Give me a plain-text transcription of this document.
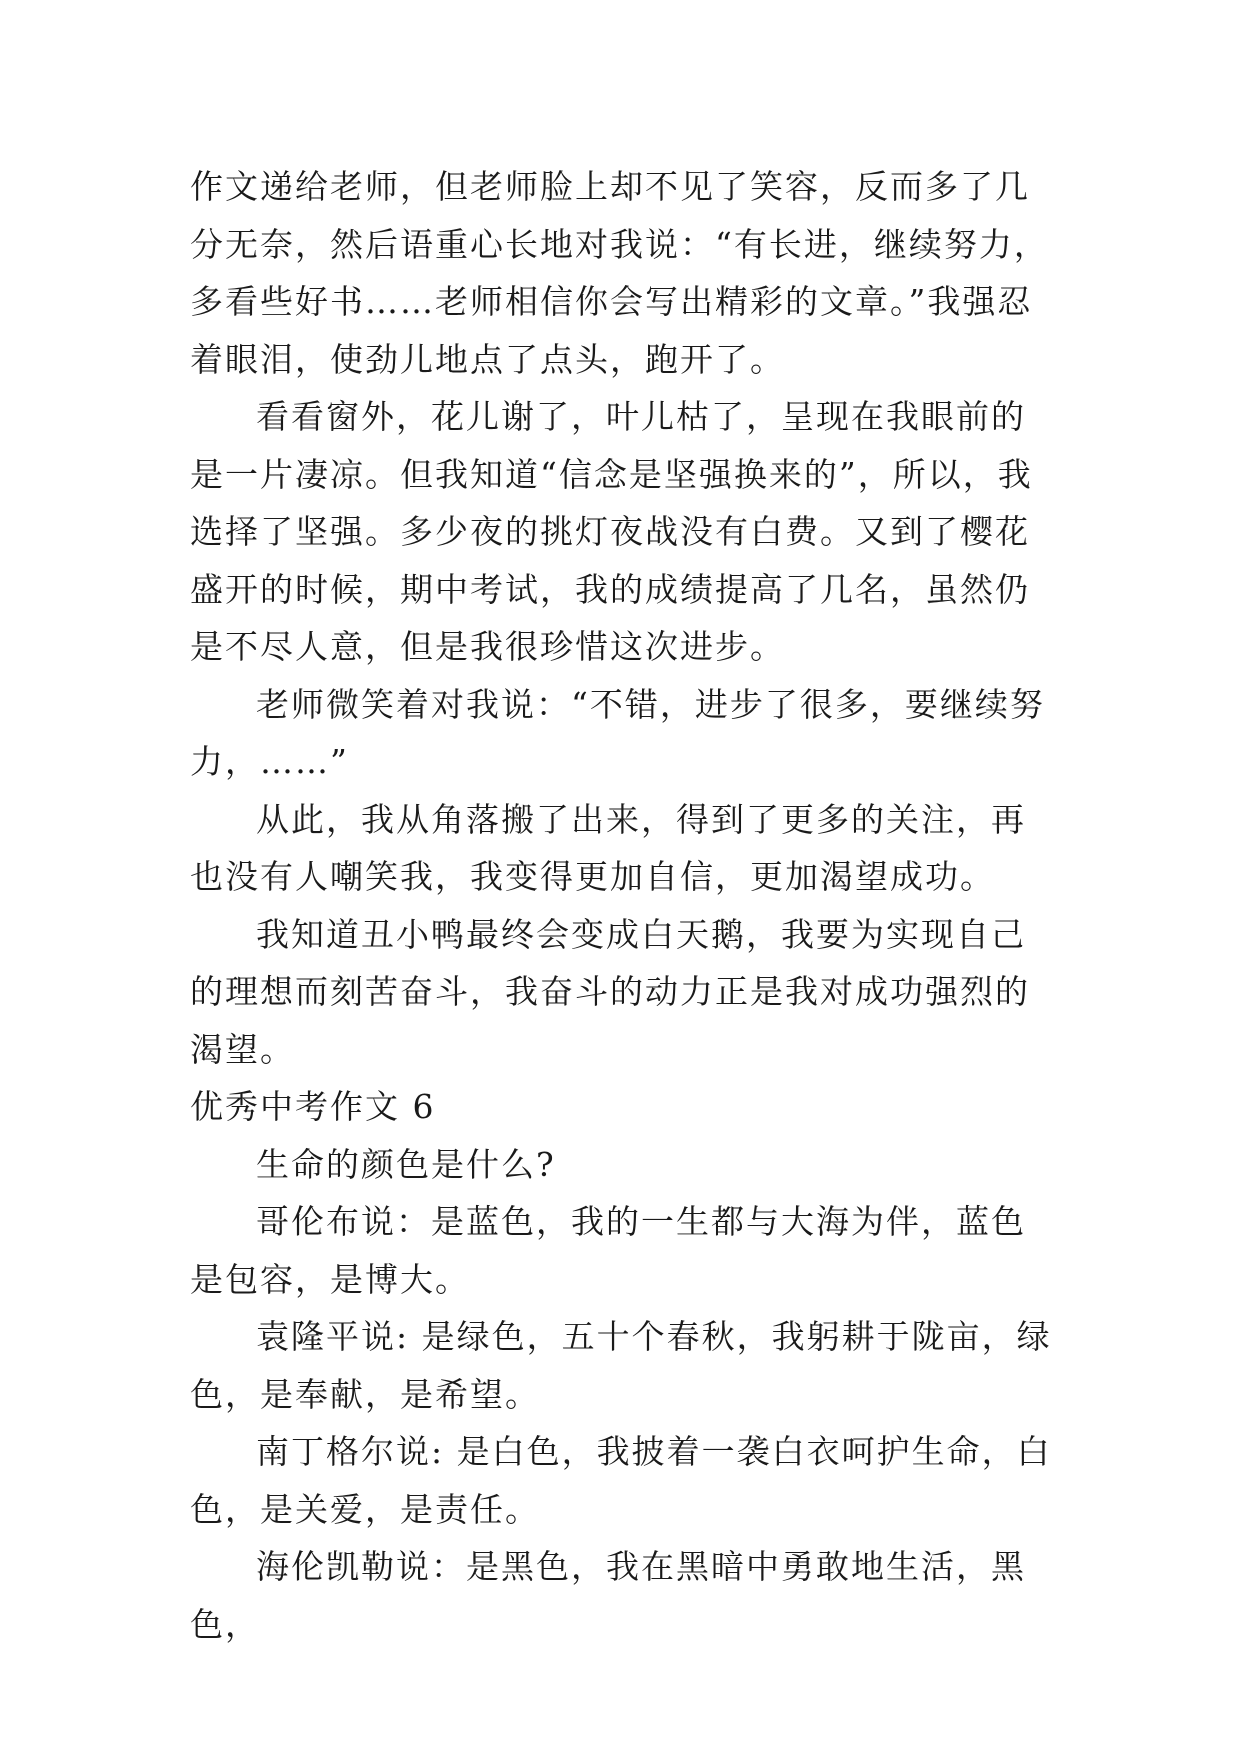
作文递给老师，但老师脸上却不见了笑容，反而多了几分无奈，然后语重心长地对我说：“有长进，继续努力，多看些好书……老师相信你会写出精彩的文章。”我强忍着眼泪，使劲儿地点了点头，跑开了。

看看窗外，花儿谢了，叶儿枯了，呈现在我眼前的是一片凄凉。但我知道“信念是坚强换来的”，所以，我选择了坚强。多少夜的挑灯夜战没有白费。又到了樱花盛开的时候，期中考试，我的成绩提高了几名，虽然仍是不尽人意，但是我很珍惜这次进步。

老师微笑着对我说：“不错，进步了很多，要继续努力，……”

从此，我从角落搬了出来，得到了更多的关注，再也没有人嘲笑我，我变得更加自信，更加渴望成功。

我知道丑小鸭最终会变成白天鹅，我要为实现自己的理想而刻苦奋斗，我奋斗的动力正是我对成功强烈的渴望。

优秀中考作文 6

生命的颜色是什么?

哥伦布说：是蓝色，我的一生都与大海为伴，蓝色是包容，是博大。

袁隆平说: 是绿色，五十个春秋，我躬耕于陇亩，绿色，是奉献，是希望。

南丁格尔说: 是白色，我披着一袭白衣呵护生命，白色，是关爱，是责任。

海伦凯勒说：是黑色，我在黑暗中勇敢地生活，黑色，
